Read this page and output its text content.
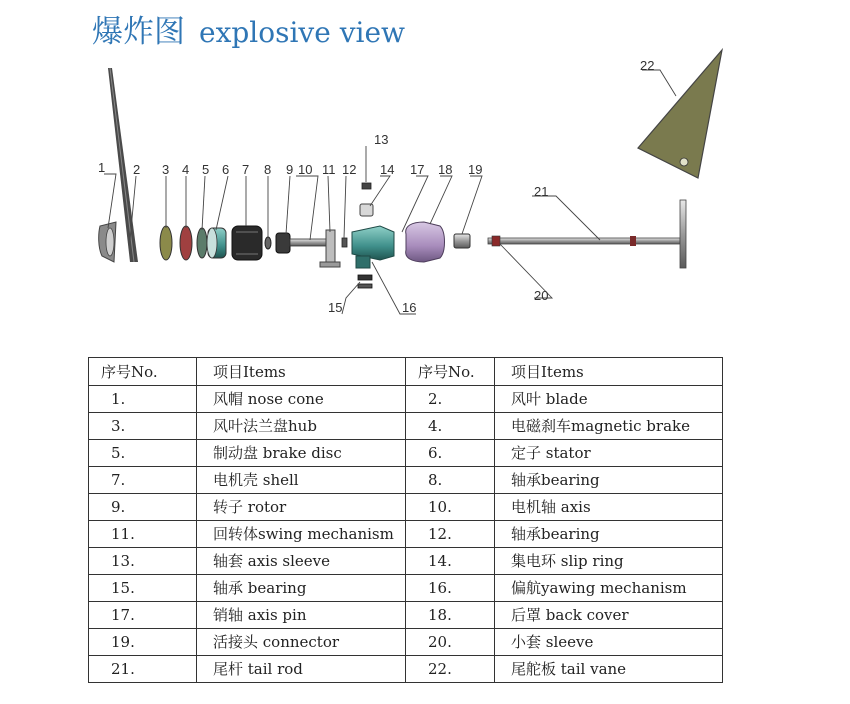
爆炸图 explosive view
1 2 3 4 5 6 7 8 9 10 11 12
13
14
15	16
17 18 19
20
21
22
序号No.	项目Items	序号No.	项目Items
1.	风帽 nose cone	2.	风叶 blade
3.	风叶法兰盘hub	4.	电磁刹车magnetic brake
5.	制动盘 brake disc	6.	定子 stator
7.	电机壳 shell	8.	轴承bearing
9.	转子 rotor	10.	电机轴 axis
11.	回转体swing mechanism	12.	轴承bearing
13.	轴套 axis sleeve	14.	集电环 slip ring
15.	轴承 bearing	16.	偏航yawing mechanism
17.	销轴 axis pin	18.	后罩 back cover
19.	活接头 connector	20.	小套 sleeve
21.	尾杆 tail rod	22.	尾舵板 tail vane
